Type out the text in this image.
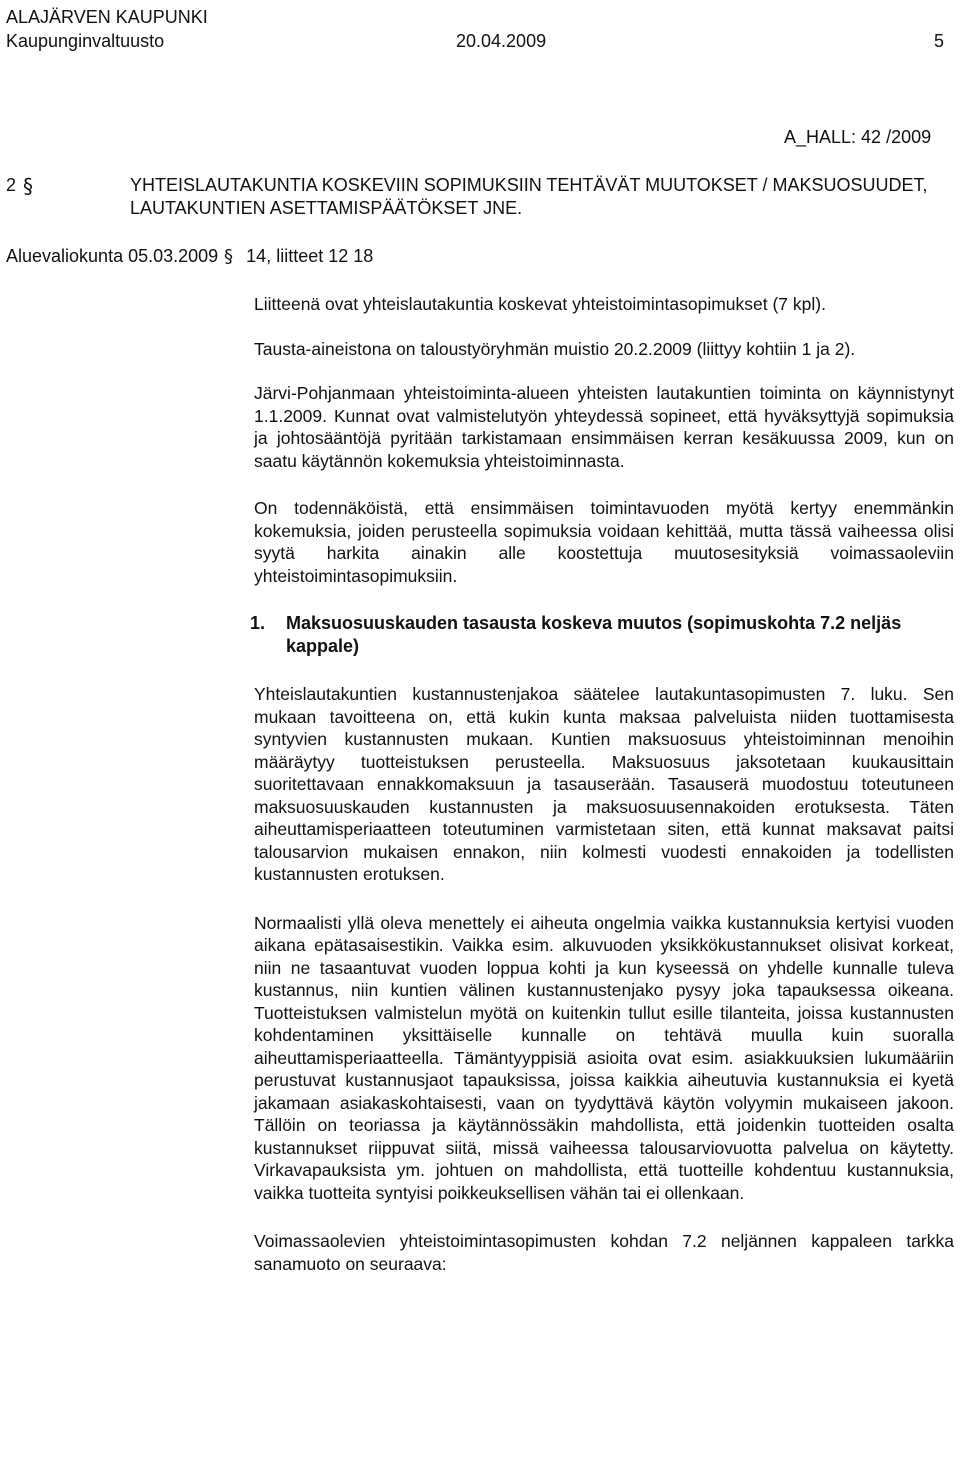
ALAJÄRVEN KAUPUNKI
Kaupunginvaltuusto	20.04.2009	5
A_HALL: 42 /2009
2 §	YHTEISLAUTAKUNTIA KOSKEVIIN SOPIMUKSIIN TEHTÄVÄT MUUTOKSET / MAKSUOSUUDET, LAUTAKUNTIEN ASETTAMISPÄÄTÖKSET JNE.
Aluevaliokunta 05.03.2009 § 14, liitteet 12 18

Liitteenä ovat yhteislautakuntia koskevat yhteistoimintasopimukset (7 kpl).

Tausta-aineistona on taloustyöryhmän muistio 20.2.2009 (liittyy kohtiin 1 ja 2).

Järvi-Pohjanmaan yhteistoiminta-alueen yhteisten lautakuntien toiminta on käynnistynyt 1.1.2009. Kunnat ovat valmistelutyön yhteydessä sopineet, että hyväksyttyjä sopimuksia ja johtosääntöjä pyritään tarkistamaan ensimmäisen kerran kesäkuussa 2009, kun on saatu käytännön kokemuksia yhteistoiminnasta.

On todennäköistä, että ensimmäisen toimintavuoden myötä kertyy enemmänkin kokemuksia, joiden perusteella sopimuksia voidaan kehittää, mutta tässä vaiheessa olisi syytä harkita ainakin alle koostettuja muutosesityksiä voimassaoleviin yhteistoimintasopimuksiin.

1.	Maksuosuuskauden tasausta koskeva muutos (sopimuskohta 7.2 neljäs kappale)

Yhteislautakuntien kustannustenjakoa säätelee lautakuntasopimusten 7. luku. Sen mukaan tavoitteena on, että kukin kunta maksaa palveluista niiden tuottamisesta syntyvien kustannusten mukaan. Kuntien maksuosuus yhteistoiminnan menoihin määräytyy tuotteistuksen perusteella. Maksuosuus jaksotetaan kuukausittain suoritettavaan ennakkomaksuun ja tasauserään. Tasauserä muodostuu toteutuneen maksuosuuskauden kustannusten ja maksuosuusennakoiden erotuksesta. Täten aiheuttamisperiaatteen toteutuminen varmistetaan siten, että kunnat maksavat paitsi talousarvion mukaisen ennakon, niin kolmesti vuodesti ennakoiden ja todellisten kustannusten erotuksen.

Normaalisti yllä oleva menettely ei aiheuta ongelmia vaikka kustannuksia kertyisi vuoden aikana epätasaisestikin. Vaikka esim. alkuvuoden yksikkökustannukset olisivat korkeat, niin ne tasaantuvat vuoden loppua kohti ja kun kyseessä on yhdelle kunnalle tuleva kustannus, niin kuntien välinen kustannustenjako pysyy joka tapauksessa oikeana. Tuotteistuksen valmistelun myötä on kuitenkin tullut esille tilanteita, joissa kustannusten kohdentaminen yksittäiselle kunnalle on tehtävä muulla kuin suoralla aiheuttamisperiaatteella. Tämäntyyppisiä asioita ovat esim. asiakkuuksien lukumääriin perustuvat kustannusjaot tapauksissa, joissa kaikkia aiheutuvia kustannuksia ei kyetä jakamaan asiakaskohtaisesti, vaan on tyydyttävä käytön volyymin mukaiseen jakoon. Tällöin on teoriassa ja käytännössäkin mahdollista, että joidenkin tuotteiden osalta kustannukset riippuvat siitä, missä vaiheessa talousarviovuotta palvelua on käytetty. Virkavapauksista ym. johtuen on mahdollista, että tuotteille kohdentuu kustannuksia, vaikka tuotteita syntyisi poikkeuksellisen vähän tai ei ollenkaan.

Voimassaolevien yhteistoimintasopimusten kohdan 7.2 neljännen kappaleen tarkka sanamuoto on seuraava:
